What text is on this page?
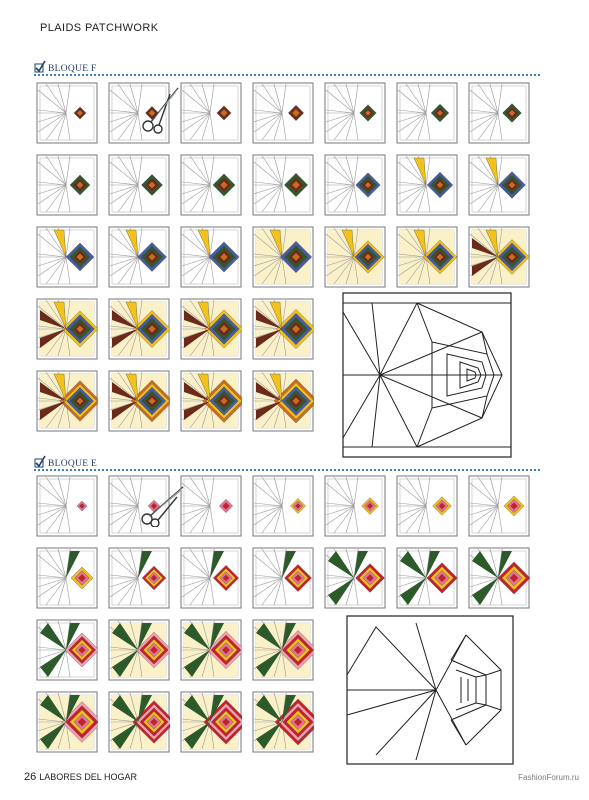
PLAIDS PATCHWORK
BLOQUE F
BLOQUE E
26 LABORES DEL HOGAR	FashionForum.ru
